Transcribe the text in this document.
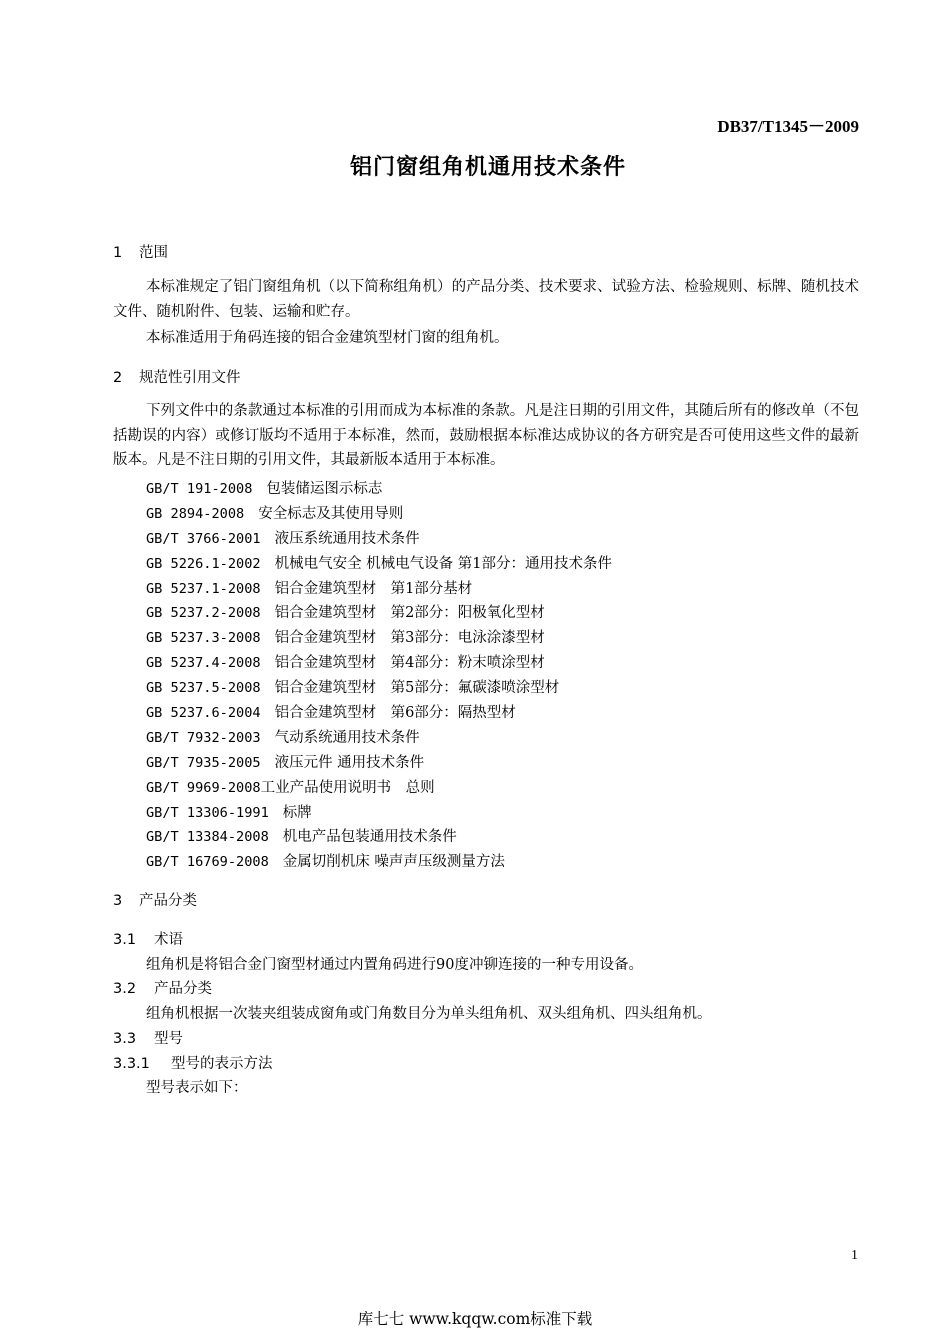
DB37/T1345－2009
铝门窗组角机通用技术条件
1 范围
本标准规定了铝门窗组角机（以下简称组角机）的产品分类、技术要求、试验方法、检验规则、标牌、随机技术文件、随机附件、包装、运输和贮存。
本标准适用于角码连接的铝合金建筑型材门窗的组角机。
2 规范性引用文件
下列文件中的条款通过本标准的引用而成为本标准的条款。凡是注日期的引用文件，其随后所有的修改单（不包括勘误的内容）或修订版均不适用于本标准，然而，鼓励根据本标准达成协议的各方研究是否可使用这些文件的最新版本。凡是不注日期的引用文件，其最新版本适用于本标准。
GB/T 191-2008 包装储运图示标志
GB 2894-2008 安全标志及其使用导则
GB/T 3766-2001 液压系统通用技术条件
GB 5226.1-2002 机械电气安全 机械电气设备 第1部分：通用技术条件
GB 5237.1-2008 铝合金建筑型材　第1部分基材
GB 5237.2-2008 铝合金建筑型材　第2部分：阳极氧化型材
GB 5237.3-2008 铝合金建筑型材　第3部分：电泳涂漆型材
GB 5237.4-2008 铝合金建筑型材　第4部分：粉末喷涂型材
GB 5237.5-2008 铝合金建筑型材　第5部分：氟碳漆喷涂型材
GB 5237.6-2004 铝合金建筑型材　第6部分：隔热型材
GB/T 7932-2003 气动系统通用技术条件
GB/T 7935-2005 液压元件 通用技术条件
GB/T 9969-2008工业产品使用说明书　总则
GB/T 13306-1991 标牌
GB/T 13384-2008 机电产品包装通用技术条件
GB/T 16769-2008 金属切削机床 噪声声压级测量方法
3 产品分类
3.1 术语
组角机是将铝合金门窗型材通过内置角码进行90度冲铆连接的一种专用设备。
3.2 产品分类
组角机根据一次装夹组装成窗角或门角数目分为单头组角机、双头组角机、四头组角机。
3.3 型号
3.3.1 型号的表示方法
型号表示如下：
1
库七七 www.kqqw.com标准下载
